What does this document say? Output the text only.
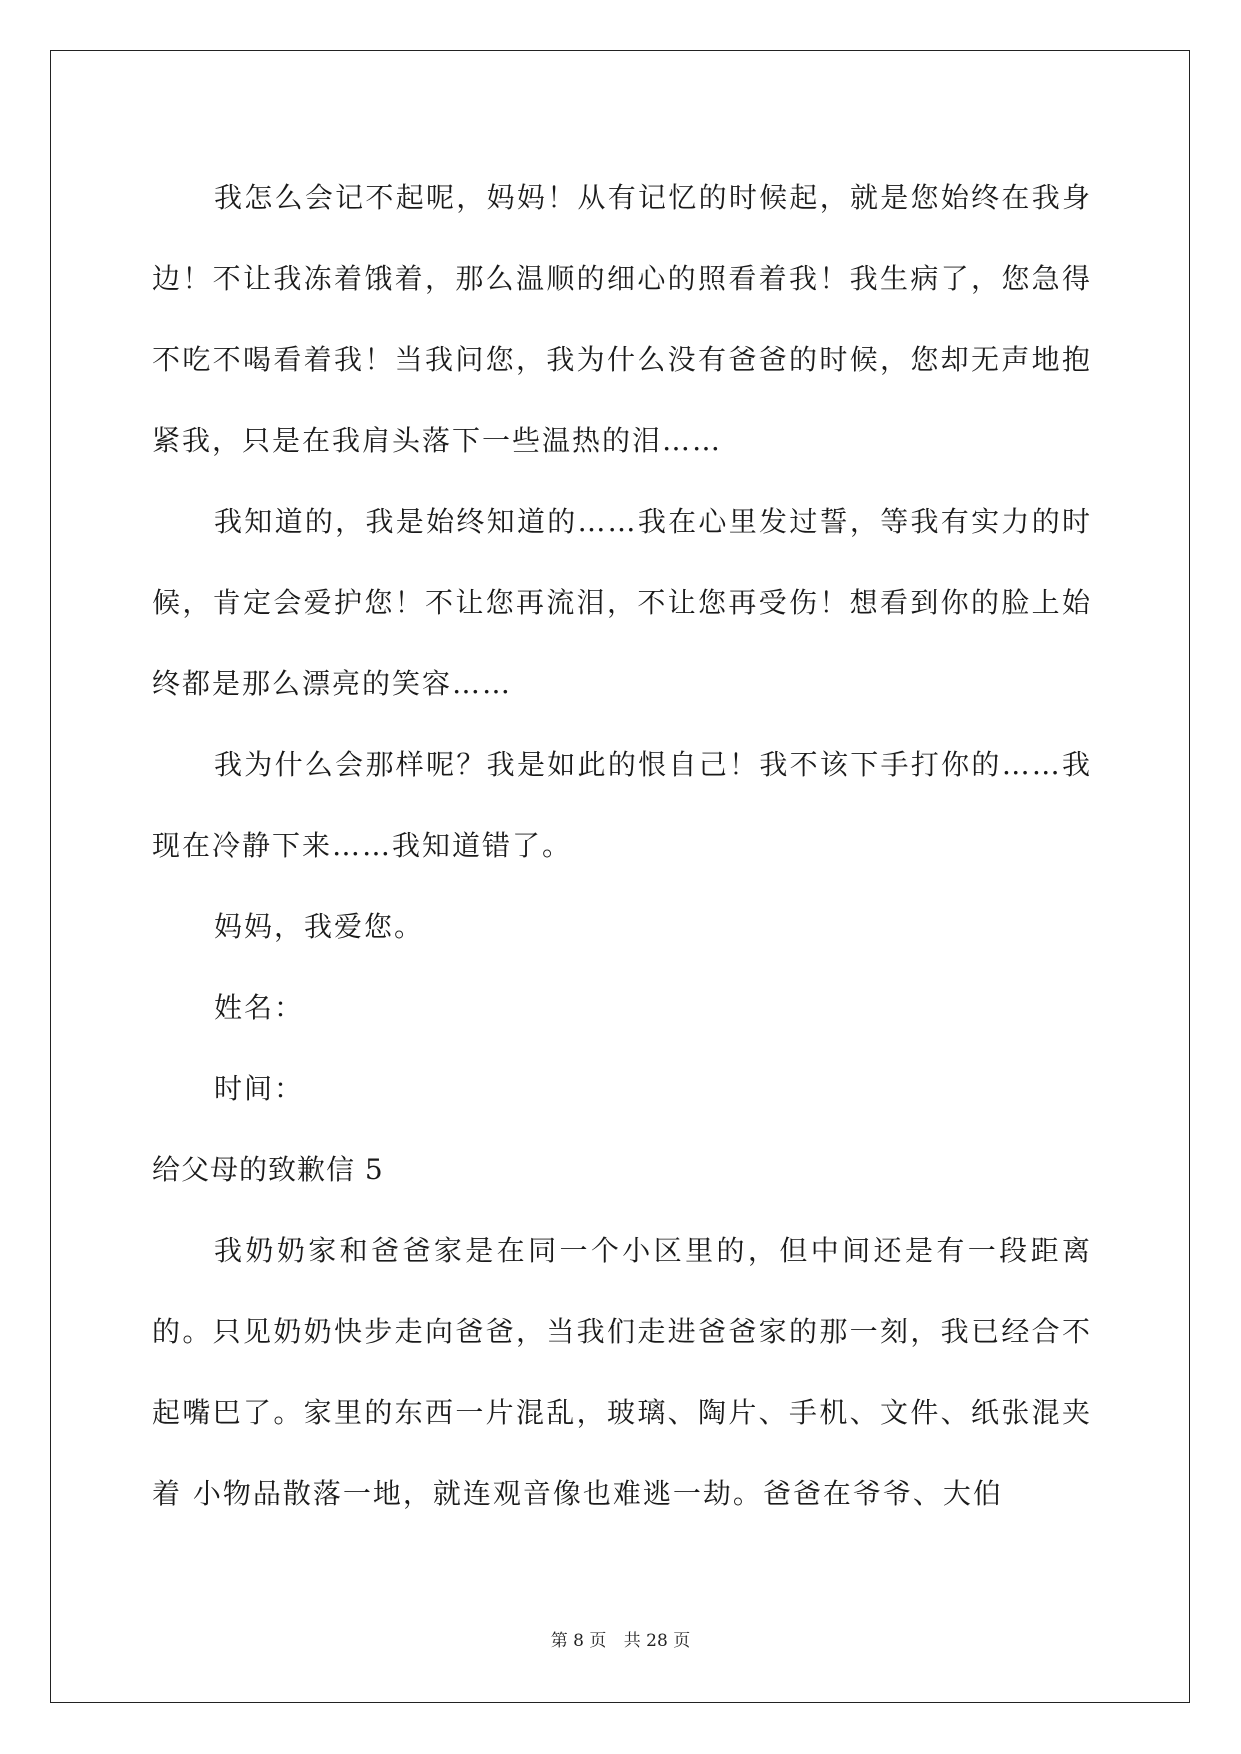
我怎么会记不起呢，妈妈！从有记忆的时候起，就是您始终在我身边！不让我冻着饿着，那么温顺的细心的照看着我！我生病了，您急得不吃不喝看着我！当我问您，我为什么没有爸爸的时候，您却无声地抱紧我，只是在我肩头落下一些温热的泪……

我知道的，我是始终知道的……我在心里发过誓，等我有实力的时候，肯定会爱护您！不让您再流泪，不让您再受伤！想看到你的脸上始终都是那么漂亮的笑容……

我为什么会那样呢？我是如此的恨自己！我不该下手打你的……我现在冷静下来……我知道错了。

妈妈，我爱您。

姓名：

时间：

给父母的致歉信 5

我奶奶家和爸爸家是在同一个小区里的，但中间还是有一段距离的。只见奶奶快步走向爸爸，当我们走进爸爸家的那一刻，我已经合不起嘴巴了。家里的东西一片混乱，玻璃、陶片、手机、文件、纸张混夹着 小物品散落一地，就连观音像也难逃一劫。爸爸在爷爷、大伯

第 8 页 共 28 页
